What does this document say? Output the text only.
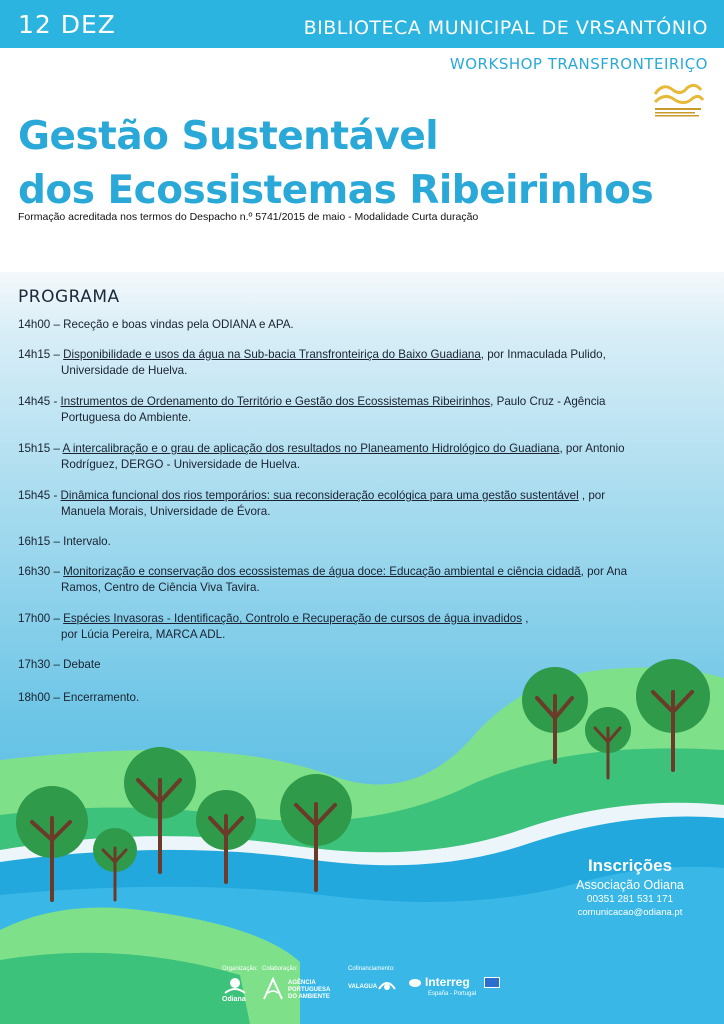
12 DEZ	BIBLIOTECA MUNICIPAL DE VRSANTÓNIO
WORKSHOP TRANSFRONTEIRIÇO
Gestão Sustentável
dos Ecossistemas Ribeirinhos
Formação acreditada nos termos do Despacho n.º 5741/2015 de maio - Modalidade Curta duração
PROGRAMA

14h00 – Receção e boas vindas pela ODIANA e APA.

14h15 – Disponibilidade e usos da água na Sub-bacia Transfronteiriça do Baixo Guadiana, por Inmaculada Pulido,
Universidade de Huelva.

14h45 - Instrumentos de Ordenamento do Território e Gestão dos Ecossistemas Ribeirinhos, Paulo Cruz - Agência
Portuguesa do Ambiente.

15h15 – A intercalibração e o grau de aplicação dos resultados no Planeamento Hidrológico do Guadiana, por Antonio
Rodríguez, DERGO - Universidade de Huelva.

15h45 - Dinâmica funcional dos rios temporários: sua reconsideração ecológica para uma gestão sustentável , por
Manuela Morais, Universidade de Évora.

16h15 – Intervalo.

16h30 – Monitorização e conservação dos ecossistemas de água doce: Educação ambiental e ciência cidadã, por Ana
Ramos, Centro de Ciência Viva Tavira.

17h00 – Espécies Invasoras - Identificação, Controlo e Recuperação de cursos de água invadidos ,
por Lúcia Pereira, MARCA ADL.

17h30 – Debate

18h00 – Encerramento.

Inscrições
Associação Odiana
00351 281 531 171
comunicacao@odiana.pt
Organização: Colaboração:	Cofinanciamento:
Odiana
AGÊNCIA
PORTUGUESA
DO AMBIENTE
VALAGUA	Interreg
España - Portugal
